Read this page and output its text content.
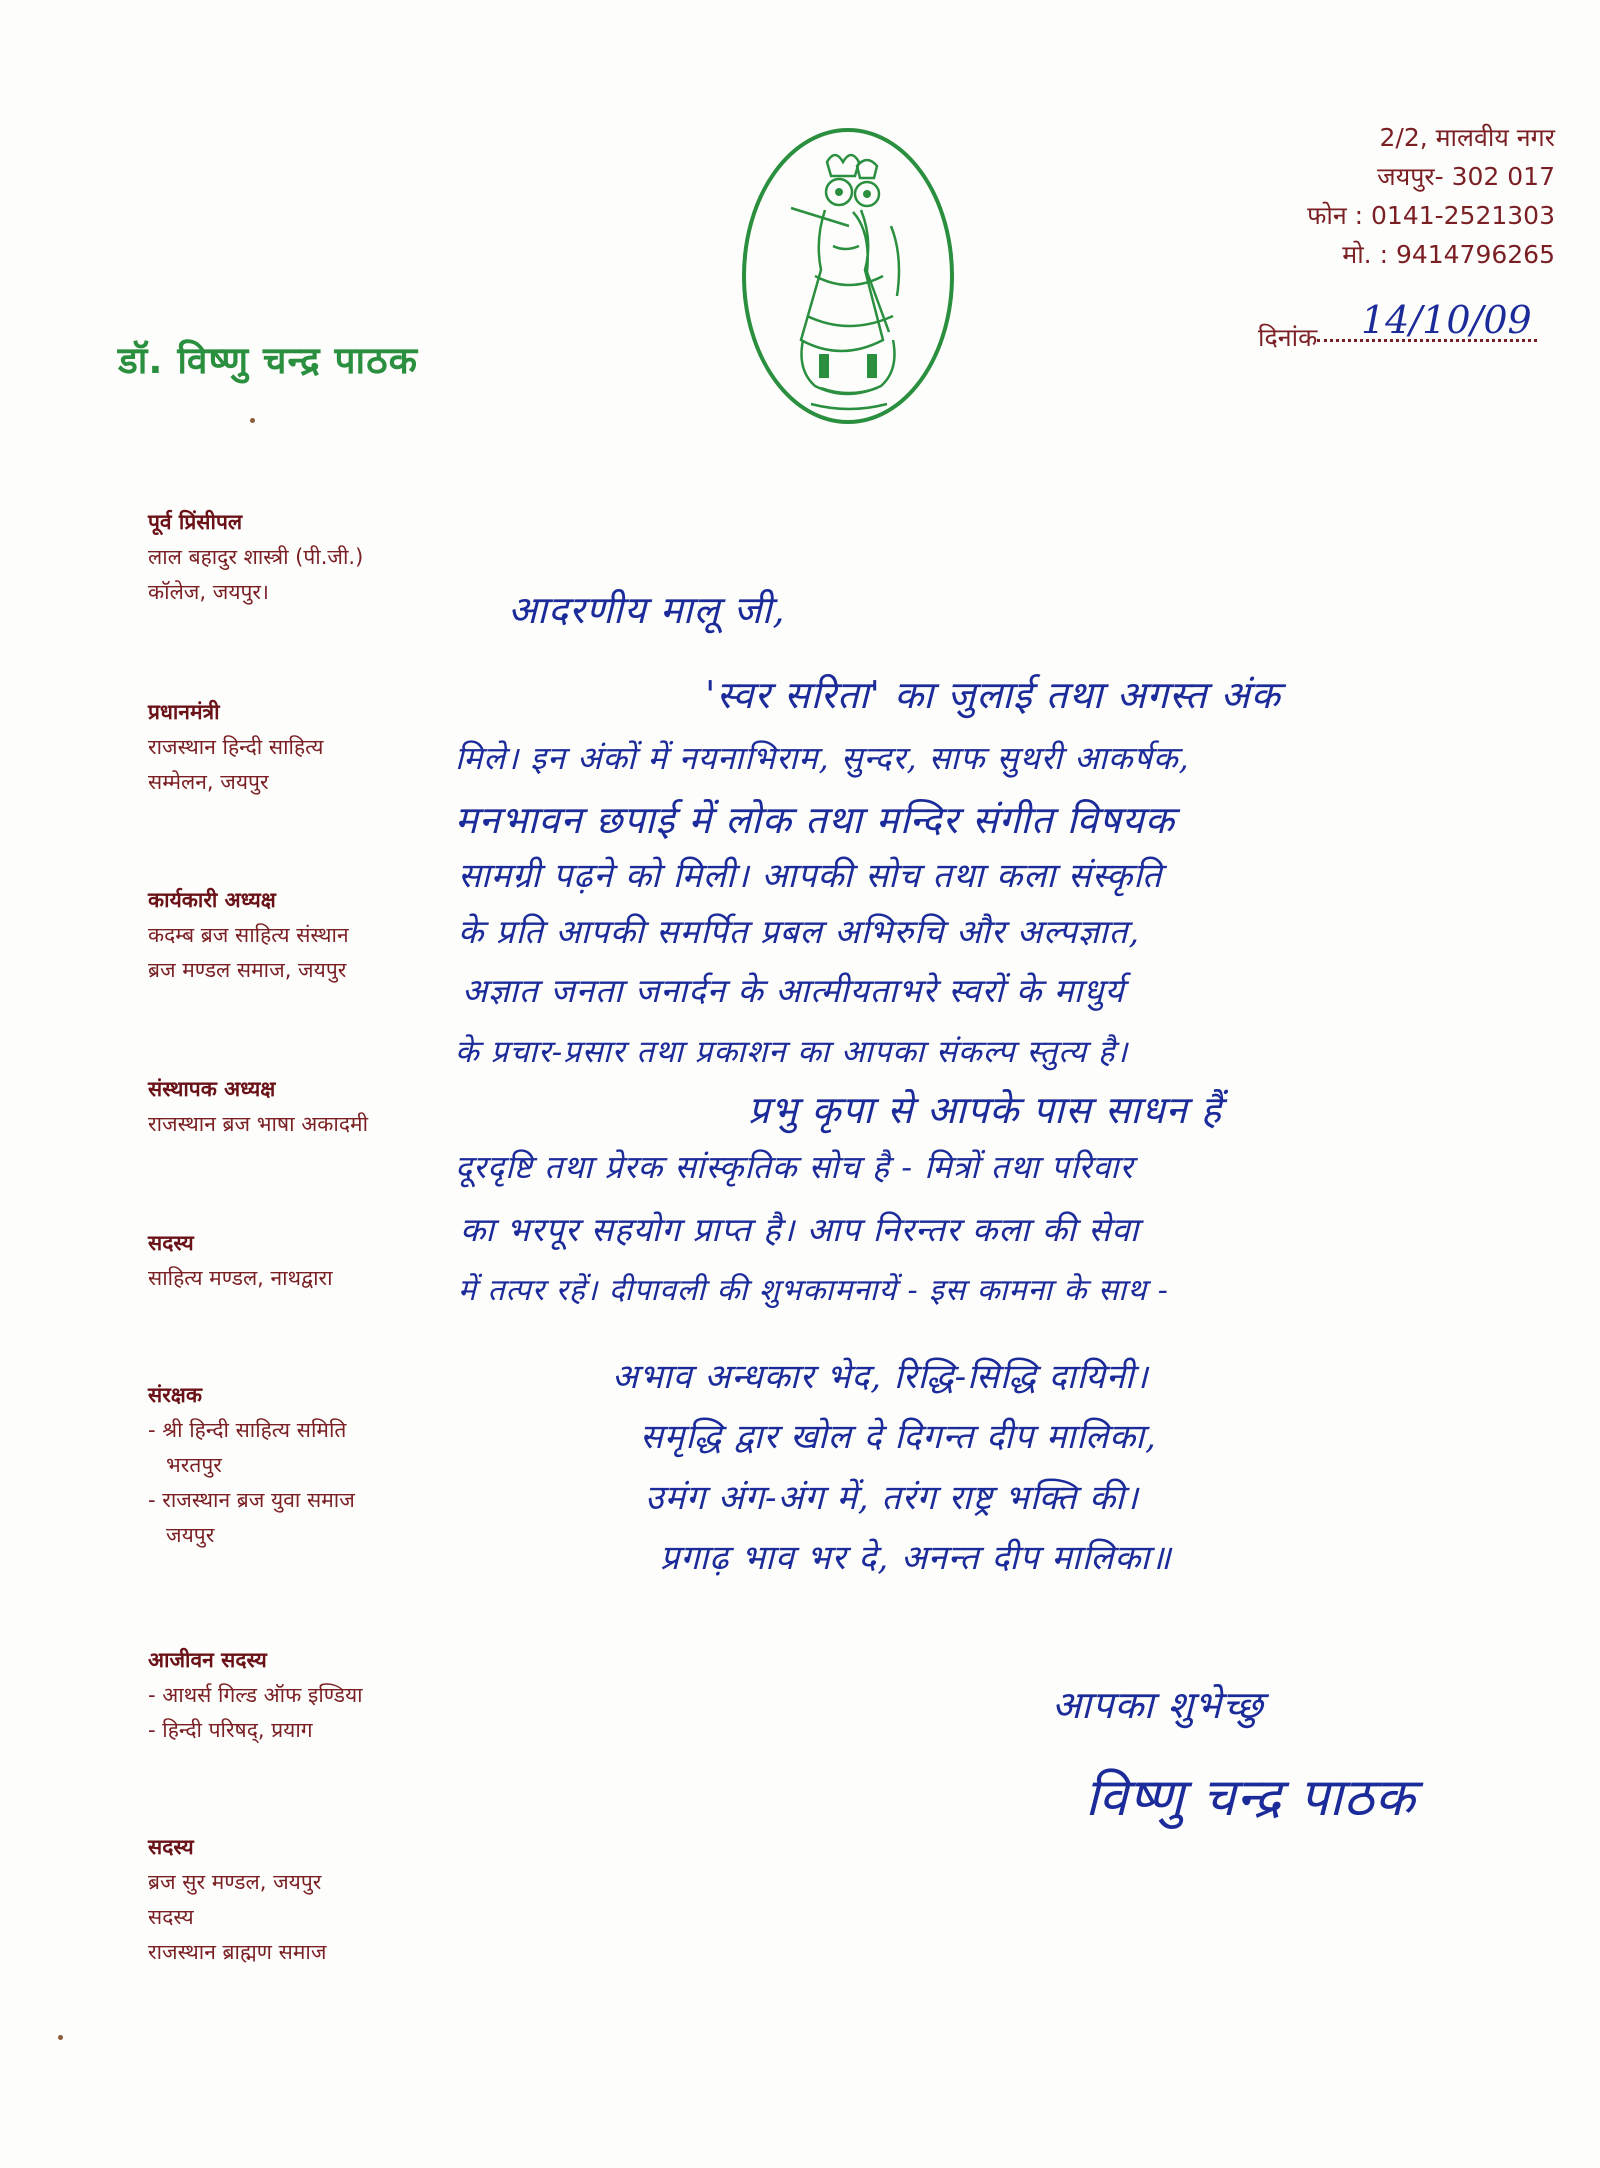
2/2, मालवीय नगर
जयपुर- 302 017
फोन : 0141-2521303
मो. : 9414796265
डॉ. विष्णु चन्द्र पाठक
दिनांक 14/10/09
पूर्व प्रिंसीपल
लाल बहादुर शास्त्री (पी.जी.)
कॉलेज, जयपुर।
प्रधानमंत्री
राजस्थान हिन्दी साहित्य
सम्मेलन, जयपुर
कार्यकारी अध्यक्ष
कदम्ब ब्रज साहित्य संस्थान
ब्रज मण्डल समाज, जयपुर
संस्थापक अध्यक्ष
राजस्थान ब्रज भाषा अकादमी
सदस्य
साहित्य मण्डल, नाथद्वारा
संरक्षक
- श्री हिन्दी साहित्य समिति
भरतपुर
- राजस्थान ब्रज युवा समाज
जयपुर
आजीवन सदस्य
- आथर्स गिल्ड ऑफ इण्डिया
- हिन्दी परिषद्, प्रयाग
सदस्य
ब्रज सुर मण्डल, जयपुर
सदस्य
राजस्थान ब्राह्मण समाज
आदरणीय मालू जी,
'स्वर सरिता' का जुलाई तथा अगस्त अंक
मिले। इन अंकों में नयनाभिराम, सुन्दर, साफ सुथरी आकर्षक,
मनभावन छपाई में लोक तथा मन्दिर संगीत विषयक
सामग्री पढ़ने को मिली। आपकी सोच तथा कला संस्कृति
के प्रति आपकी समर्पित प्रबल अभिरुचि और अल्पज्ञात,
अज्ञात जनता जनार्दन के आत्मीयताभरे स्वरों के माधुर्य
के प्रचार-प्रसार तथा प्रकाशन का आपका संकल्प स्तुत्य है।
प्रभु कृपा से आपके पास साधन हैं
दूरदृष्टि तथा प्रेरक सांस्कृतिक सोच है - मित्रों तथा परिवार
का भरपूर सहयोग प्राप्त है। आप निरन्तर कला की सेवा
में तत्पर रहें। दीपावली की शुभकामनायें - इस कामना के साथ -
अभाव अन्धकार भेद, रिद्धि-सिद्धि दायिनी।
समृद्धि द्वार खोल दे दिगन्त दीप मालिका,
उमंग अंग-अंग में, तरंग राष्ट्र भक्ति की।
प्रगाढ़ भाव भर दे, अनन्त दीप मालिका॥
आपका शुभेच्छु
विष्णु चन्द्र पाठक
